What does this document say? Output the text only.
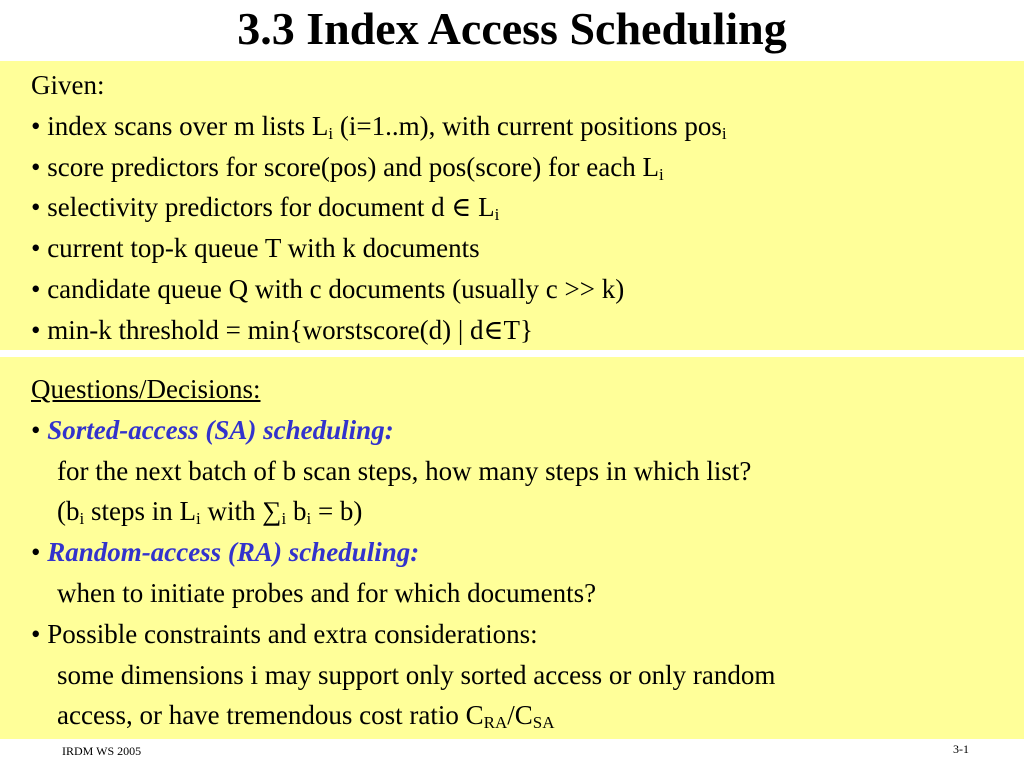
3.3 Index Access Scheduling
Given:
• index scans over m lists $L_i$ (i=1..m), with current positions pos$_i$
• score predictors for score(pos) and pos(score) for each $L_i$
• selectivity predictors for document d ∈ $L_i$
• current top-k queue T with k documents
• candidate queue Q with c documents (usually c >> k)
• min-k threshold = min{worstscore(d) | d∈T}
Questions/Decisions:
• Sorted-access (SA) scheduling:
for the next batch of b scan steps, how many steps in which list?
($b_i$ steps in $L_i$ with $\sum_i$ $b_i = b$)
• Random-access (RA) scheduling:
when to initiate probes and for which documents?
• Possible constraints and extra considerations:
some dimensions i may support only sorted access or only random
access, or have tremendous cost ratio $C_{RA}/C_{SA}$
IRDM WS 2005	3-1
